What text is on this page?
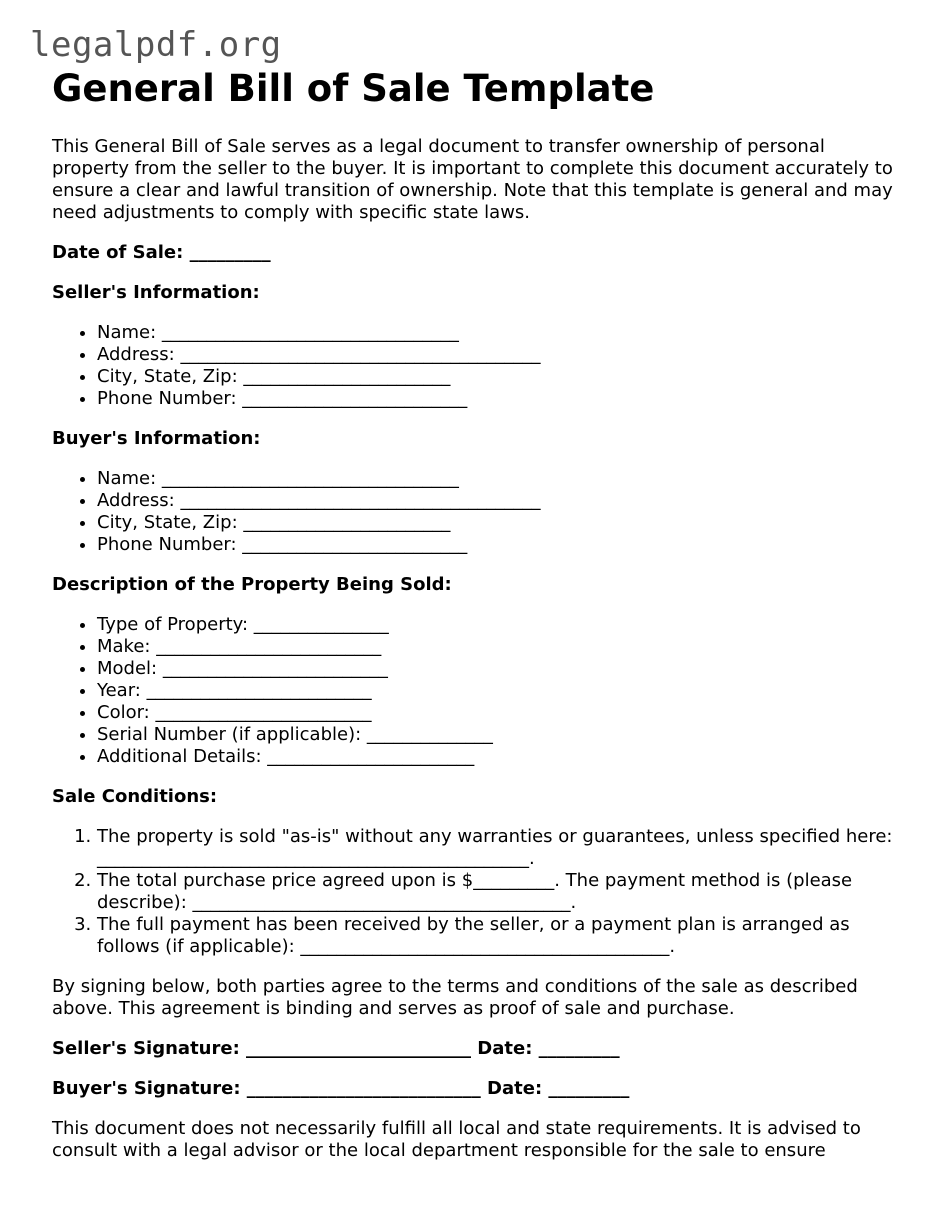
legalpdf.org
General Bill of Sale Template

This General Bill of Sale serves as a legal document to transfer ownership of personal property from the seller to the buyer. It is important to complete this document accurately to ensure a clear and lawful transition of ownership. Note that this template is general and may need adjustments to comply with specific state laws.

Date of Sale: _________

Seller's Information:

• Name: _________________________________
• Address: ________________________________________
• City, State, Zip: _______________________
• Phone Number: _________________________

Buyer's Information:

• Name: _________________________________
• Address: ________________________________________
• City, State, Zip: _______________________
• Phone Number: _________________________

Description of the Property Being Sold:

• Type of Property: _______________
• Make: _________________________
• Model: _________________________
• Year: _________________________
• Color: ________________________
• Serial Number (if applicable): ______________
• Additional Details: _______________________

Sale Conditions:

1. The property is sold "as-is" without any warranties or guarantees, unless specified here: ________________________________________________.
2. The total purchase price agreed upon is $_________. The payment method is (please describe): __________________________________________.
3. The full payment has been received by the seller, or a payment plan is arranged as follows (if applicable): _________________________________________.

By signing below, both parties agree to the terms and conditions of the sale as described above. This agreement is binding and serves as proof of sale and purchase.

Seller's Signature: _________________________ Date: _________

Buyer's Signature: __________________________ Date: _________

This document does not necessarily fulfill all local and state requirements. It is advised to consult with a legal advisor or the local department responsible for the sale to ensure
